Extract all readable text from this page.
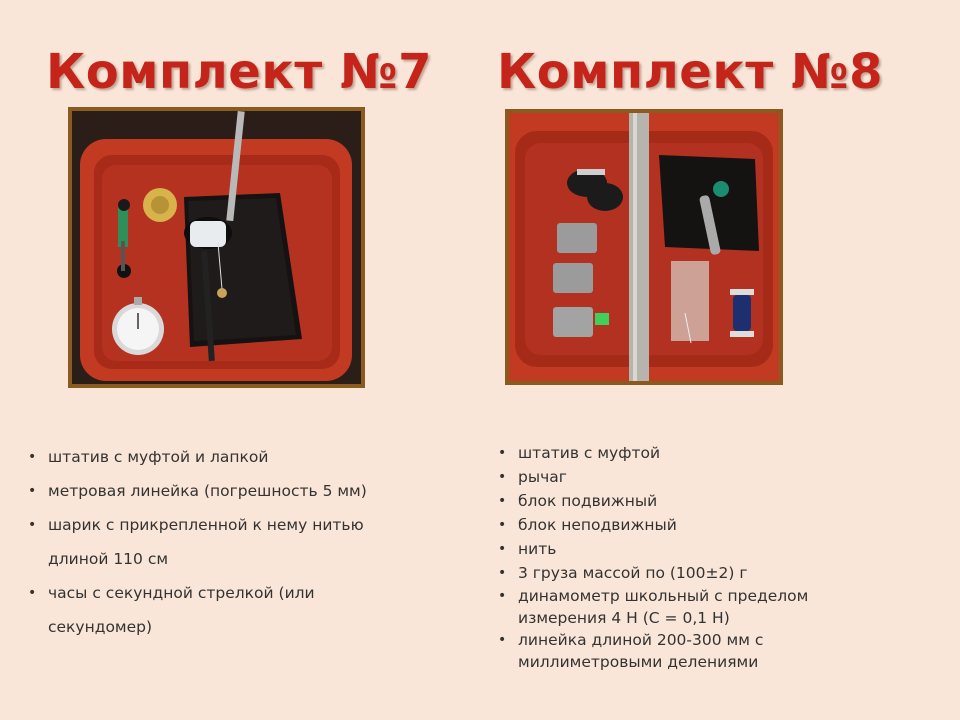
Комплект №7 Комплект №8
• штатив с муфтой и лапкой
• метровая линейка (погрешность 5 мм)
• шарик с прикрепленной к нему нитью длиной 110 см
• часы с секундной стрелкой (или секундомер)
• штатив с муфтой
• рычаг
• блок подвижный
• блок неподвижный
• нить
• 3 груза массой по (100±2) г
• динамометр школьный с пределом измерения 4 Н (С = 0,1 Н)
• линейка длиной 200-300 мм с миллиметровыми делениями
